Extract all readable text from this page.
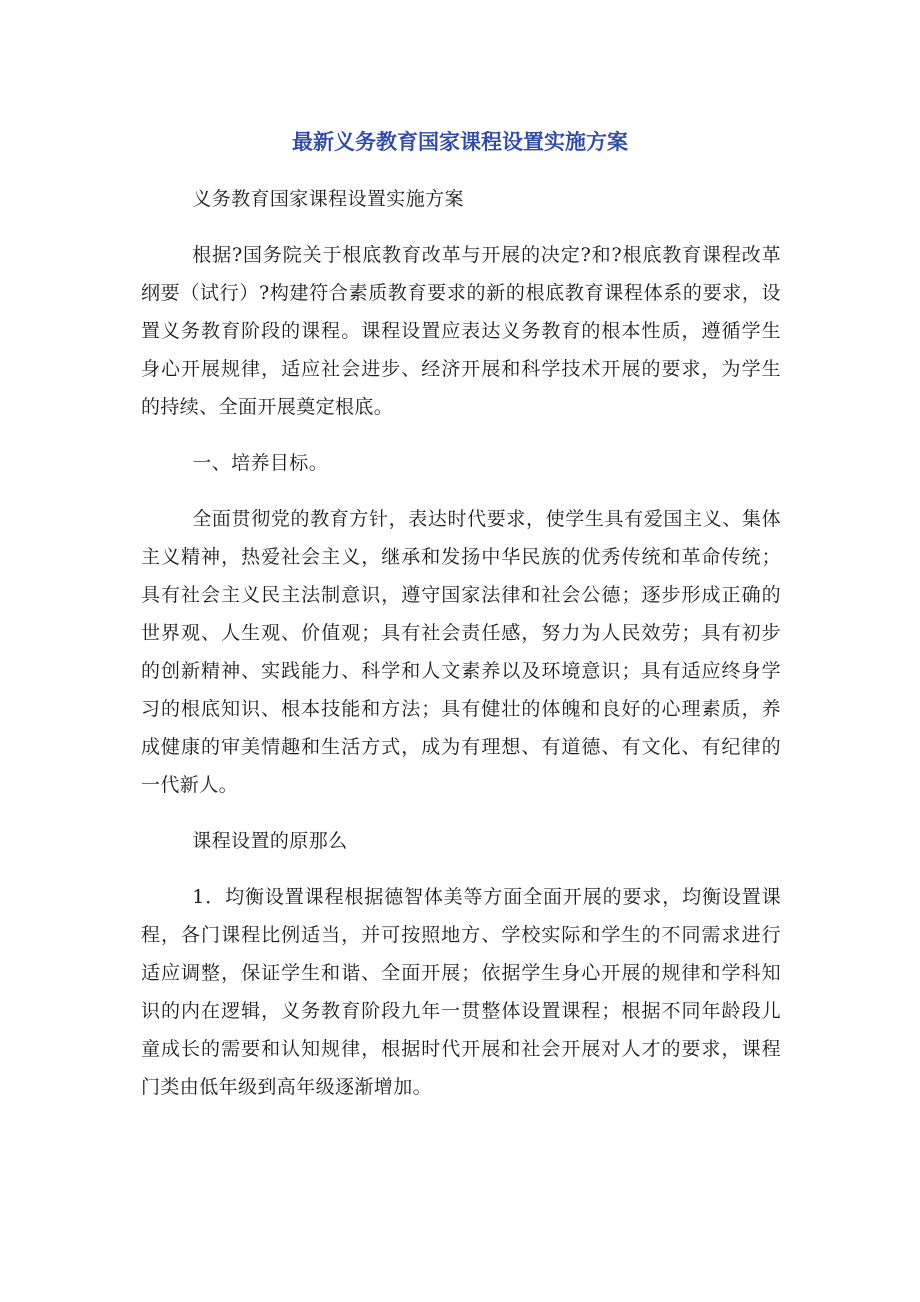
最新义务教育国家课程设置实施方案

义务教育国家课程设置实施方案

根据?国务院关于根底教育改革与开展的决定?和?根底教育课程改革纲要（试行）?构建符合素质教育要求的新的根底教育课程体系的要求，设置义务教育阶段的课程。课程设置应表达义务教育的根本性质，遵循学生身心开展规律，适应社会进步、经济开展和科学技术开展的要求，为学生的持续、全面开展奠定根底。

一、培养目标。

全面贯彻党的教育方针，表达时代要求，使学生具有爱国主义、集体主义精神，热爱社会主义，继承和发扬中华民族的优秀传统和革命传统；具有社会主义民主法制意识，遵守国家法律和社会公德；逐步形成正确的世界观、人生观、价值观；具有社会责任感，努力为人民效劳；具有初步的创新精神、实践能力、科学和人文素养以及环境意识；具有适应终身学习的根底知识、根本技能和方法；具有健壮的体魄和良好的心理素质，养成健康的审美情趣和生活方式，成为有理想、有道德、有文化、有纪律的一代新人。

课程设置的原那么

1．均衡设置课程根据德智体美等方面全面开展的要求，均衡设置课程，各门课程比例适当，并可按照地方、学校实际和学生的不同需求进行适应调整，保证学生和谐、全面开展；依据学生身心开展的规律和学科知识的内在逻辑，义务教育阶段九年一贯整体设置课程；根据不同年龄段儿童成长的需要和认知规律，根据时代开展和社会开展对人才的要求，课程门类由低年级到高年级逐渐增加。
